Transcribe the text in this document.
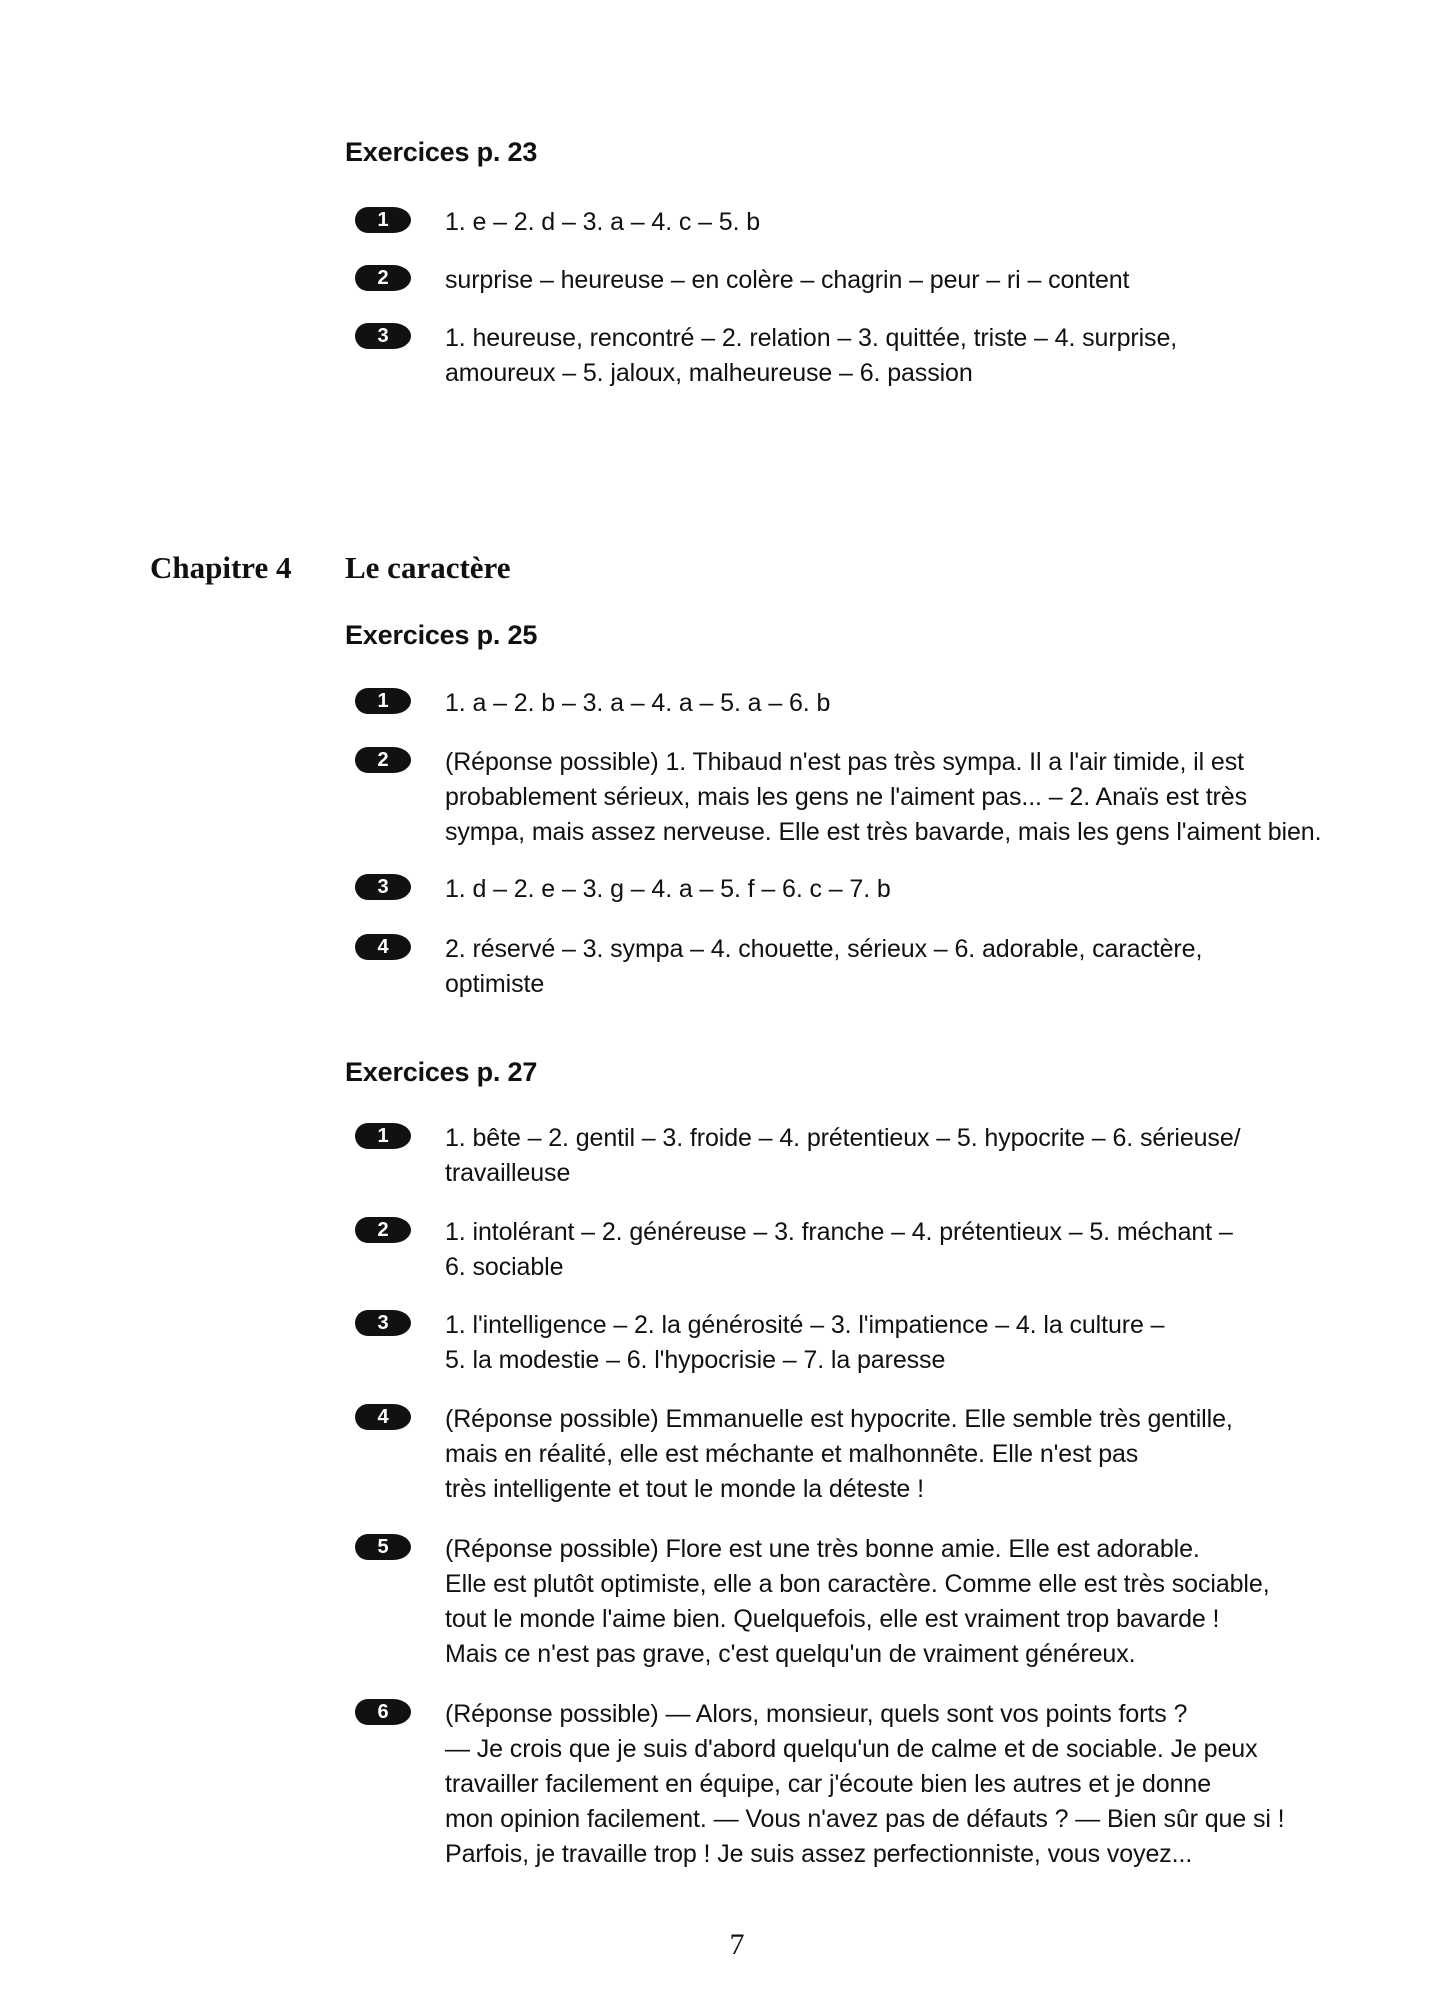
Exercices p. 23
1 1. e – 2. d – 3. a – 4. c – 5. b
2 surprise – heureuse – en colère – chagrin – peur – ri – content
3 1. heureuse, rencontré – 2. relation – 3. quittée, triste – 4. surprise,
amoureux – 5. jaloux, malheureuse – 6. passion
Chapitre 4 Le caractère
Exercices p. 25
1 1. a – 2. b – 3. a – 4. a – 5. a – 6. b
2 (Réponse possible) 1. Thibaud n'est pas très sympa. Il a l'air timide, il est
probablement sérieux, mais les gens ne l'aiment pas... – 2. Anaïs est très
sympa, mais assez nerveuse. Elle est très bavarde, mais les gens l'aiment bien.
3 1. d – 2. e – 3. g – 4. a – 5. f – 6. c – 7. b
4 2. réservé – 3. sympa – 4. chouette, sérieux – 6. adorable, caractère,
optimiste
Exercices p. 27
1 1. bête – 2. gentil – 3. froide – 4. prétentieux – 5. hypocrite – 6. sérieuse/
travailleuse
2 1. intolérant – 2. généreuse – 3. franche – 4. prétentieux – 5. méchant –
6. sociable
3 1. l'intelligence – 2. la générosité – 3. l'impatience – 4. la culture –
5. la modestie – 6. l'hypocrisie – 7. la paresse
4 (Réponse possible) Emmanuelle est hypocrite. Elle semble très gentille,
mais en réalité, elle est méchante et malhonnête. Elle n'est pas
très intelligente et tout le monde la déteste !
5 (Réponse possible) Flore est une très bonne amie. Elle est adorable.
Elle est plutôt optimiste, elle a bon caractère. Comme elle est très sociable,
tout le monde l'aime bien. Quelquefois, elle est vraiment trop bavarde !
Mais ce n'est pas grave, c'est quelqu'un de vraiment généreux.
6 (Réponse possible) — Alors, monsieur, quels sont vos points forts ?
— Je crois que je suis d'abord quelqu'un de calme et de sociable. Je peux
travailler facilement en équipe, car j'écoute bien les autres et je donne
mon opinion facilement. — Vous n'avez pas de défauts ? — Bien sûr que si !
Parfois, je travaille trop ! Je suis assez perfectionniste, vous voyez...
7
